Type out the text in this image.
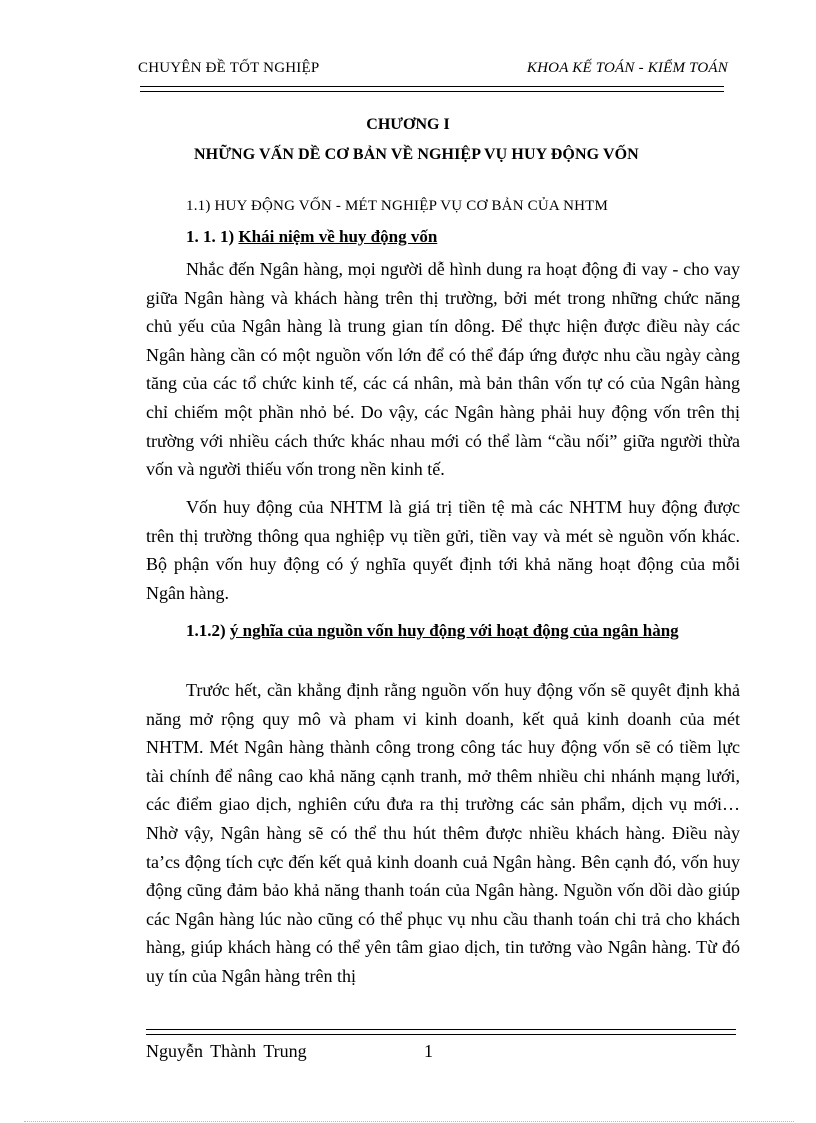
CHUYÊN ĐỀ TỐT NGHIỆP	KHOA KẾ TOÁN - KIỂM TOÁN
CHƯƠNG I
NHỮNG VẤN DỀ CƠ BẢN VỀ NGHIỆP VỤ HUY ĐỘNG VỐN
1.1) HUY ĐỘNG VỐN - MÉT NGHIỆP VỤ CƠ BẢN CỦA NHTM
1. 1. 1) Khái niệm về huy động vốn

Nhắc đến Ngân hàng, mọi người dễ hình dung ra hoạt động đi vay - cho vay giữa Ngân hàng và khách hàng trên thị trường, bởi mét trong những chức năng chủ yếu của Ngân hàng là trung gian tín dông. Để thực hiện được điều này các Ngân hàng cần có một nguồn vốn lớn để có thể đáp ứng được nhu cầu ngày càng tăng của các tổ chức kinh tế, các cá nhân, mà bản thân vốn tự có của Ngân hàng chỉ chiếm một phần nhỏ bé. Do vậy, các Ngân hàng phải huy động vốn trên thị trường với nhiều cách thức khác nhau mới có thể làm “cầu nối” giữa người thừa vốn và người thiếu vốn trong nền kinh tế.

Vốn huy động của NHTM là giá trị tiền tệ mà các NHTM huy động được trên thị trường thông qua nghiệp vụ tiền gửi, tiền vay và mét sè nguồn vốn khác. Bộ phận vốn huy động có ý nghĩa quyết định tới khả năng hoạt động của mỗi Ngân hàng.

1.1.2) ý nghĩa của nguồn vốn huy động với hoạt động của ngân hàng

Trước hết, cần khẳng định rằng nguồn vốn huy động vốn sẽ quyêt định khả năng mở rộng quy mô và pham vi kinh doanh, kết quả kinh doanh của mét NHTM. Mét Ngân hàng thành công trong công tác huy động vốn sẽ có tiềm lực tài chính để nâng cao khả năng cạnh tranh, mở thêm nhiều chi nhánh mạng lưới, các điểm giao dịch, nghiên cứu đưa ra thị trường các sản phẩm, dịch vụ mới… Nhờ vậy, Ngân hàng sẽ có thể thu hút thêm được nhiều khách hàng. Điều này ta’cs động tích cực đến kết quả kinh doanh cuả Ngân hàng. Bên cạnh đó, vốn huy động cũng đảm bảo khả năng thanh toán của Ngân hàng. Nguồn vốn dồi dào giúp các Ngân hàng lúc nào cũng có thể phục vụ nhu cầu thanh toán chi trả cho khách hàng, giúp khách hàng có thể yên tâm giao dịch, tin tưởng vào Ngân hàng. Từ đó uy tín của Ngân hàng trên thị

Nguyễn Thành Trung	1
